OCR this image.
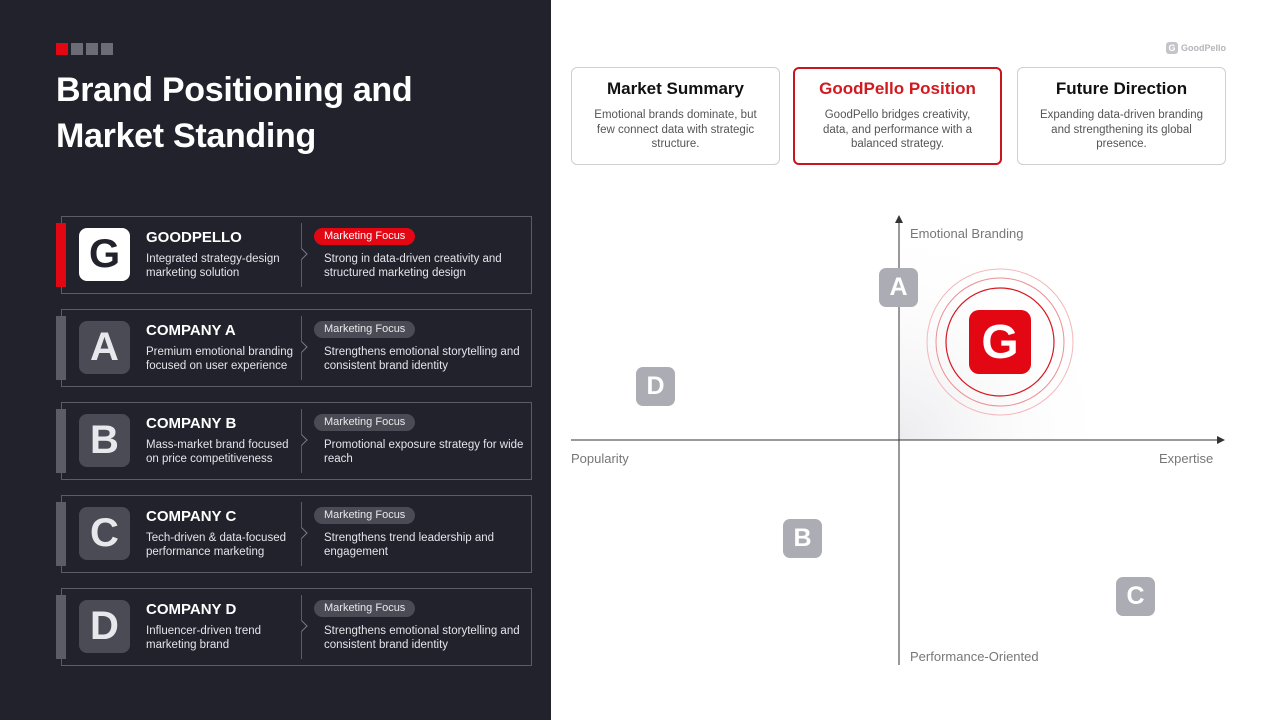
Brand Positioning and Market Standing
G	GOODPELLO
Integrated strategy-design marketing solution
Marketing Focus
Strong in data-driven creativity and structured marketing design
A	COMPANY A
Premium emotional branding focused on user experience
Marketing Focus
Strengthens emotional storytelling and consistent brand identity
B	COMPANY B
Mass-market brand focused on price competitiveness
Marketing Focus
Promotional exposure strategy for wide reach
C	COMPANY C
Tech-driven & data-focused performance marketing
Marketing Focus
Strengthens trend leadership and engagement
D	COMPANY D
Influencer-driven trend marketing brand
Marketing Focus
Strengthens emotional storytelling and consistent brand identity
G GoodPello
Market Summary
Emotional brands dominate, but few connect data with strategic structure.
GoodPello Position
GoodPello bridges creativity, data, and performance with a balanced strategy.
Future Direction
Expanding data-driven branding and strengthening its global presence.
Emotional Branding
Performance-Oriented
Popularity	Expertise
A
D
B
C
G
